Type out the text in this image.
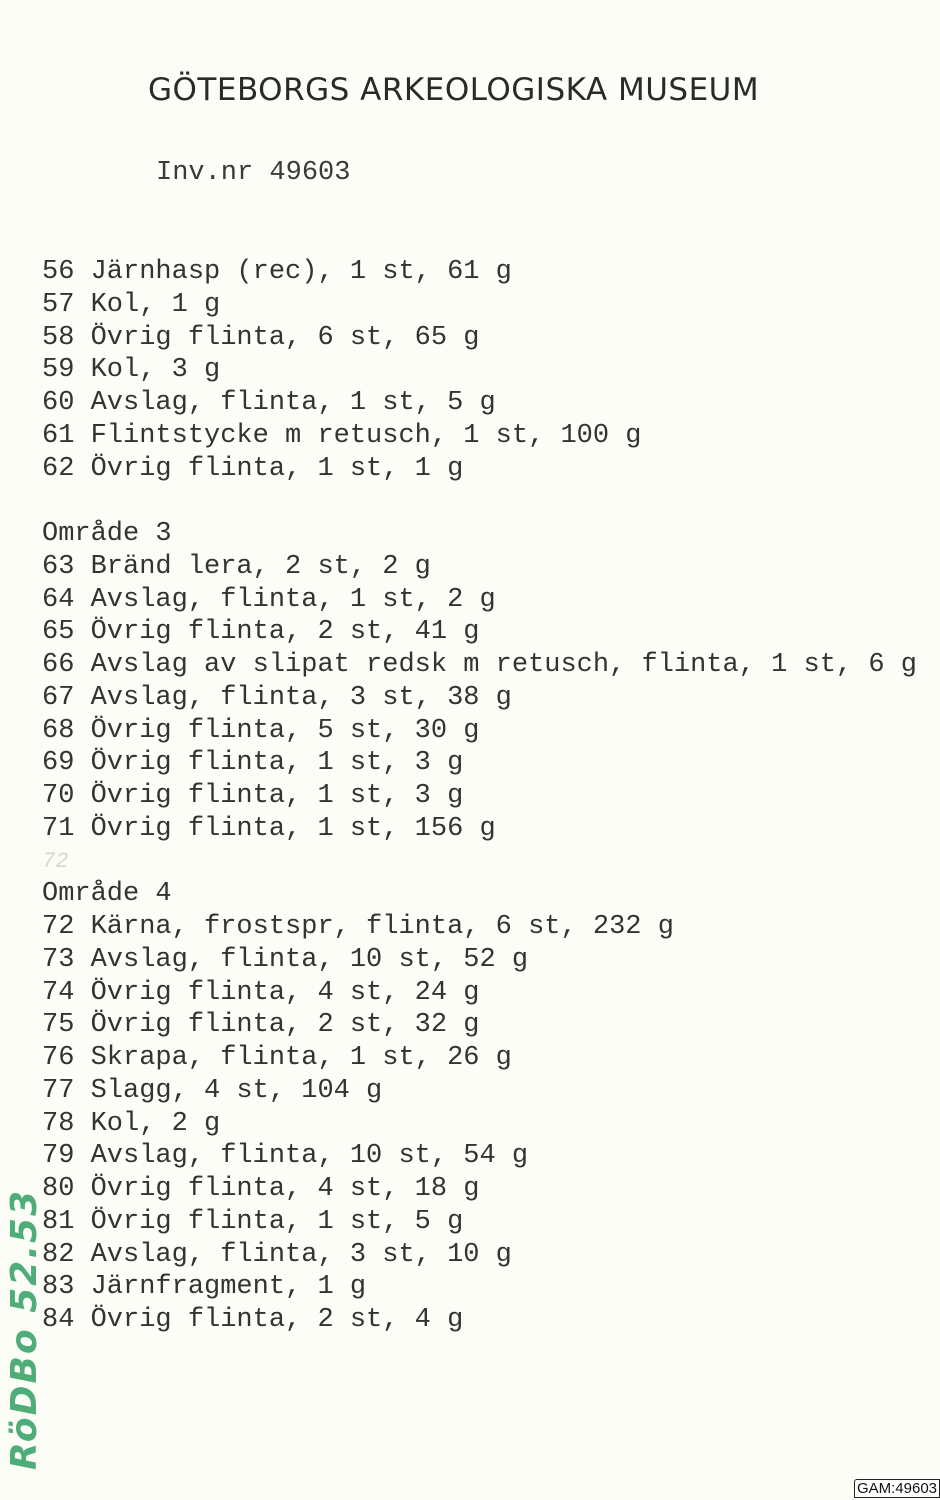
GÖTEBORGS ARKEOLOGISKA MUSEUM
Inv.nr 49603
56 Järnhasp (rec), 1 st, 61 g
57 Kol, 1 g
58 Övrig flinta, 6 st, 65 g
59 Kol, 3 g
60 Avslag, flinta, 1 st, 5 g
61 Flintstycke m retusch, 1 st, 100 g
62 Övrig flinta, 1 st, 1 g
Område 3
63 Bränd lera, 2 st, 2 g
64 Avslag, flinta, 1 st, 2 g
65 Övrig flinta, 2 st, 41 g
66 Avslag av slipat redsk m retusch, flinta, 1 st, 6 g
67 Avslag, flinta, 3 st, 38 g
68 Övrig flinta, 5 st, 30 g
69 Övrig flinta, 1 st, 3 g
70 Övrig flinta, 1 st, 3 g
71 Övrig flinta, 1 st, 156 g
72
Område 4
72 Kärna, frostspr, flinta, 6 st, 232 g
73 Avslag, flinta, 10 st, 52 g
74 Övrig flinta, 4 st, 24 g
75 Övrig flinta, 2 st, 32 g
76 Skrapa, flinta, 1 st, 26 g
77 Slagg, 4 st, 104 g
78 Kol, 2 g
79 Avslag, flinta, 10 st, 54 g
80 Övrig flinta, 4 st, 18 g
81 Övrig flinta, 1 st, 5 g
82 Avslag, flinta, 3 st, 10 g
83 Järnfragment, 1 g
84 Övrig flinta, 2 st, 4 g
RöDBo 52.53
GAM:49603
